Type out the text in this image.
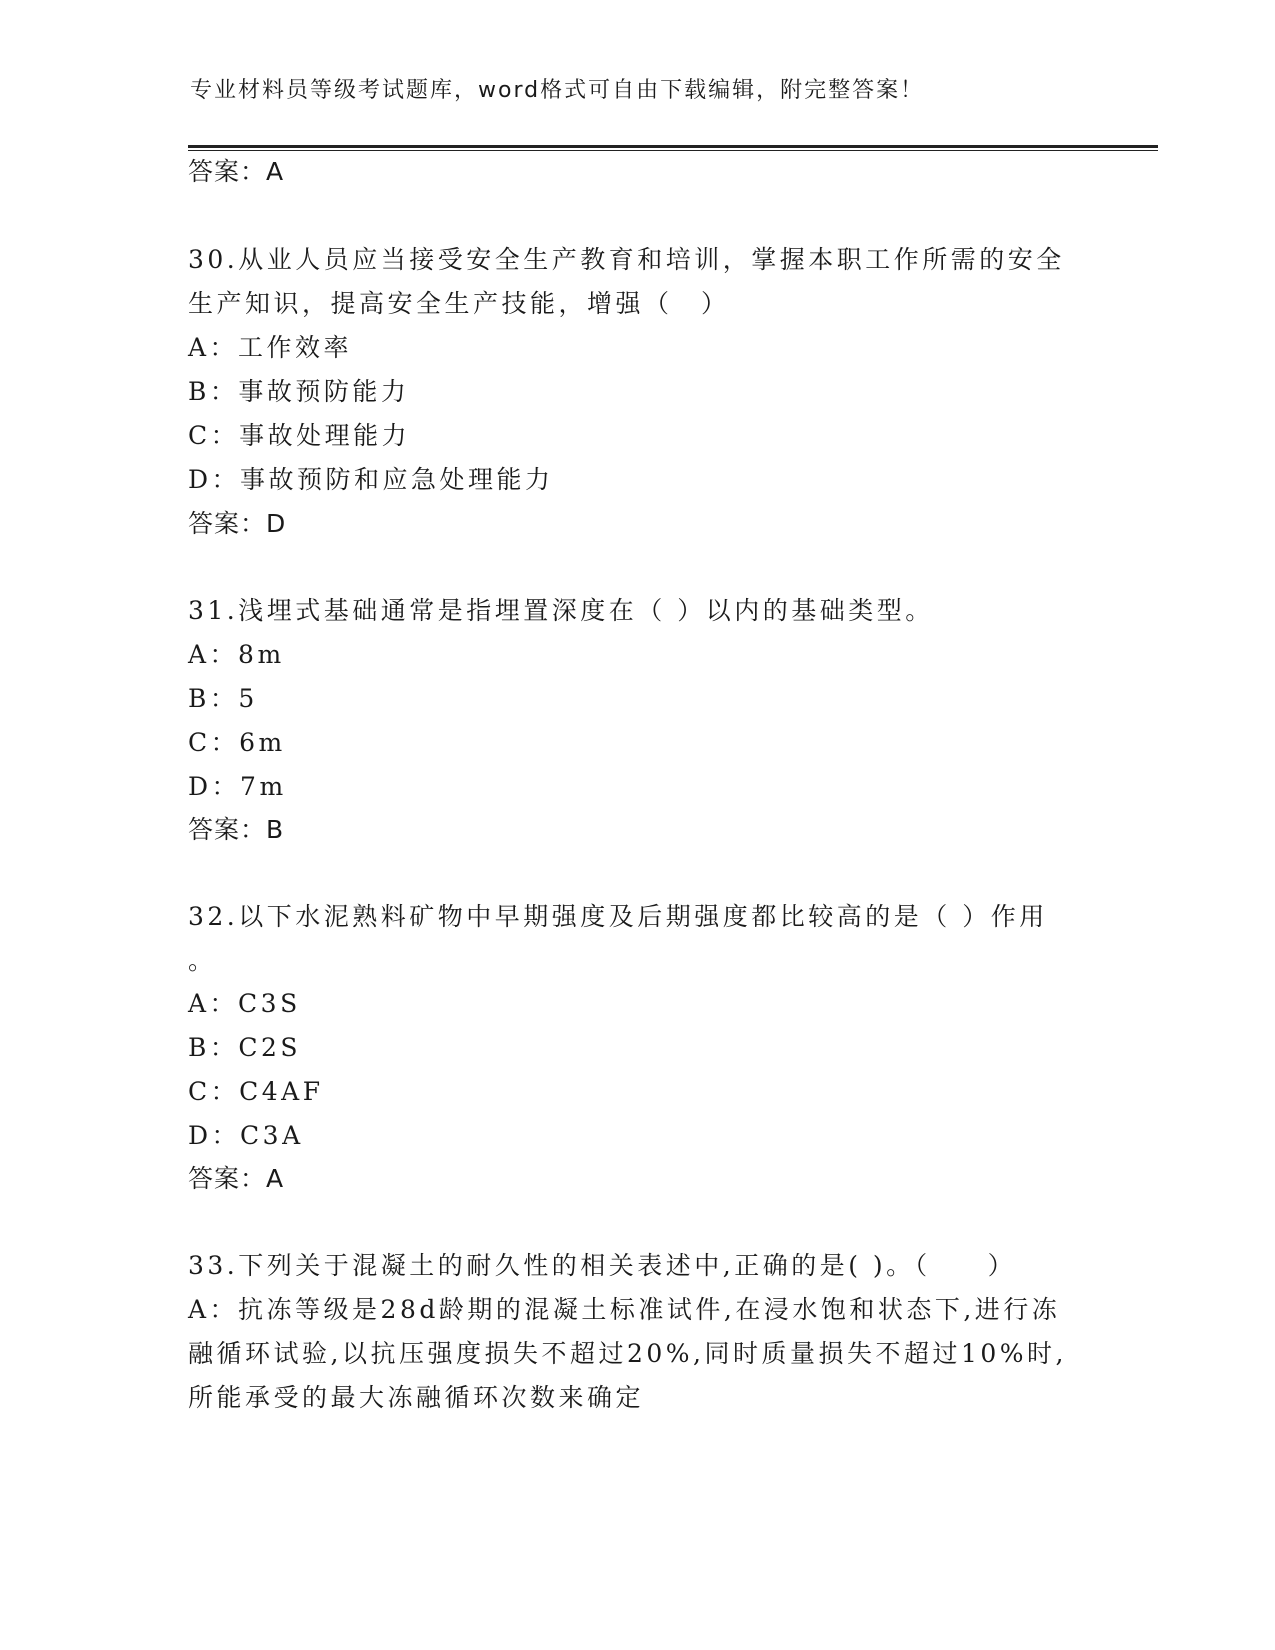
专业材料员等级考试题库，word格式可自由下载编辑，附完整答案！
答案：A
30.从业人员应当接受安全生产教育和培训，掌握本职工作所需的安全
生产知识，提高安全生产技能，增强（　）
A：工作效率
B：事故预防能力
C：事故处理能力
D：事故预防和应急处理能力
答案：D
31.浅埋式基础通常是指埋置深度在（ ）以内的基础类型。
A：8m
B：5
C：6m
D：7m
答案：B
32.以下水泥熟料矿物中早期强度及后期强度都比较高的是（ ）作用
。
A：C3S
B：C2S
C：C4AF
D：C3A
答案：A
33.下列关于混凝土的耐久性的相关表述中,正确的是( )。（　　）
A：抗冻等级是28d龄期的混凝土标准试件,在浸水饱和状态下,进行冻
融循环试验,以抗压强度损失不超过20%,同时质量损失不超过10%时,
所能承受的最大冻融循环次数来确定
